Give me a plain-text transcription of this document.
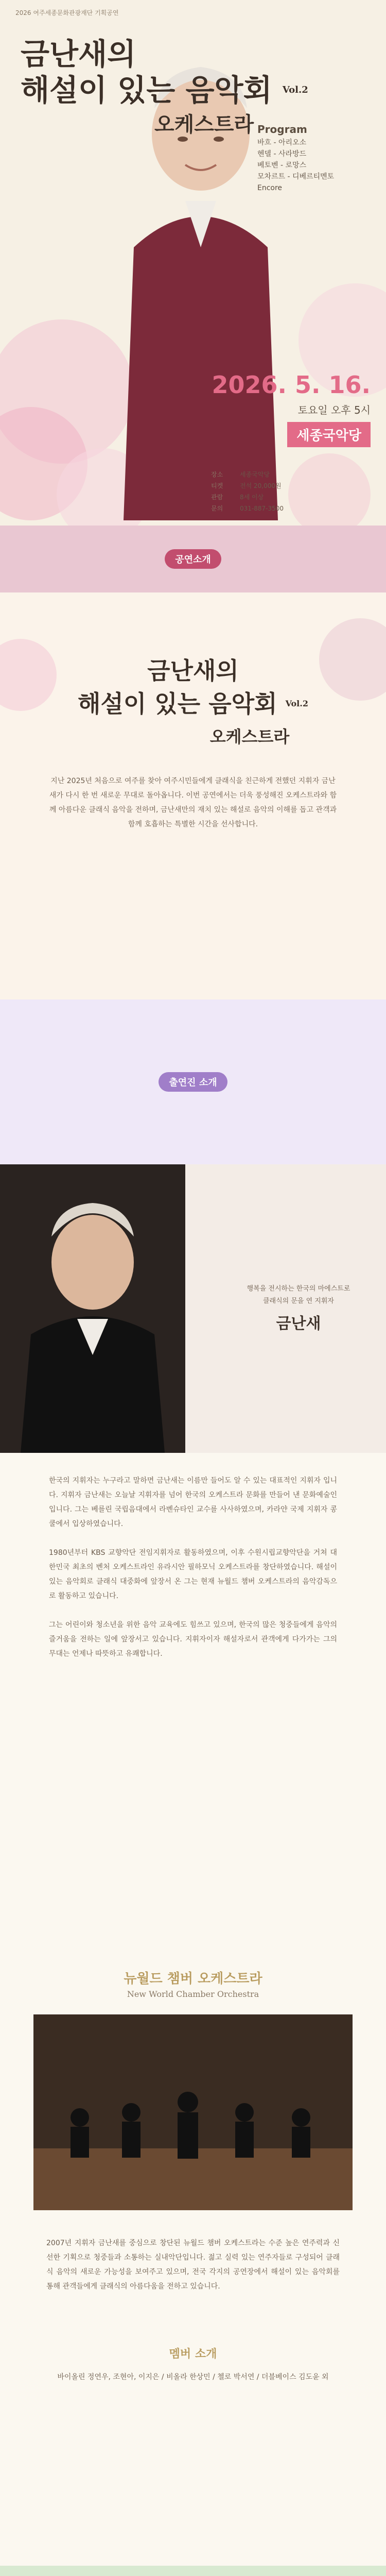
2026 여주세종문화관광재단 기획공연
금난새의
해설이 있는 음악회 $^{Vol.2}$
오케스트라 Program
바흐 - 아리오소
헨델 - 사라방드
베토벤 - 로망스
모차르트 - 디베르티멘토
Encore
2026. 5. 16.
토요일 오후 5시
세종국악당
장소	세종국악당
티켓	전석 20,000원
관람	8세 이상
문의	031-887-3500
공연소개
금난새의
해설이 있는 음악회 $^{Vol.2}$
오케스트라
지난 2025년 처음으로 여주를 찾아 여주시민들에게 클래식을 친근하게 전했던 지휘자 금난새가 다시 한 번 새로운 무대로 돌아옵니다. 이번 공연에서는 더욱 풍성해진 오케스트라와 함께 아름다운 클래식 음악을 전하며, 금난새만의 재치 있는 해설로 음악의 이해를 돕고 관객과 함께 호흡하는 특별한 시간을 선사합니다.
출연진 소개
행복을 전시하는 한국의 마에스트로
클래식의 문을 연 지휘자
금난새

한국의 지휘자는 누구라고 말하면 금난새는 이름만 들어도 알 수 있는 대표적인 지휘자 입니다. 지휘자 금난새는 오늘날 지휘자를 넘어 한국의 오케스트라 문화를 만들어 낸 문화예술인입니다. 그는 베를린 국립음대에서 라벤슈타인 교수를 사사하였으며, 카라얀 국제 지휘자 콩쿨에서 입상하였습니다.

1980년부터 KBS 교향악단 전임지휘자로 활동하였으며, 이후 수원시립교향악단을 거쳐 대한민국 최초의 벤처 오케스트라인 유라시안 필하모닉 오케스트라를 창단하였습니다. 해설이 있는 음악회로 클래식 대중화에 앞장서 온 그는 현재 뉴월드 챔버 오케스트라의 음악감독으로 활동하고 있습니다.

그는 어린이와 청소년을 위한 음악 교육에도 힘쓰고 있으며, 한국의 많은 청중들에게 음악의 즐거움을 전하는 일에 앞장서고 있습니다. 지휘자이자 해설자로서 관객에게 다가가는 그의 무대는 언제나 따뜻하고 유쾌합니다.

뉴월드 챔버 오케스트라
New World Chamber Orchestra
2007년 지휘자 금난새를 중심으로 창단된 뉴월드 챔버 오케스트라는 수준 높은 연주력과 신선한 기획으로 청중들과 소통하는 실내악단입니다. 젊고 실력 있는 연주자들로 구성되어 클래식 음악의 새로운 가능성을 보여주고 있으며, 전국 각지의 공연장에서 해설이 있는 음악회를 통해 관객들에게 클래식의 아름다움을 전하고 있습니다.
멤버 소개
바이올린 정연우, 조현아, 이지은 / 비올라 한상민 / 첼로 박서연 / 더블베이스 김도윤 외
